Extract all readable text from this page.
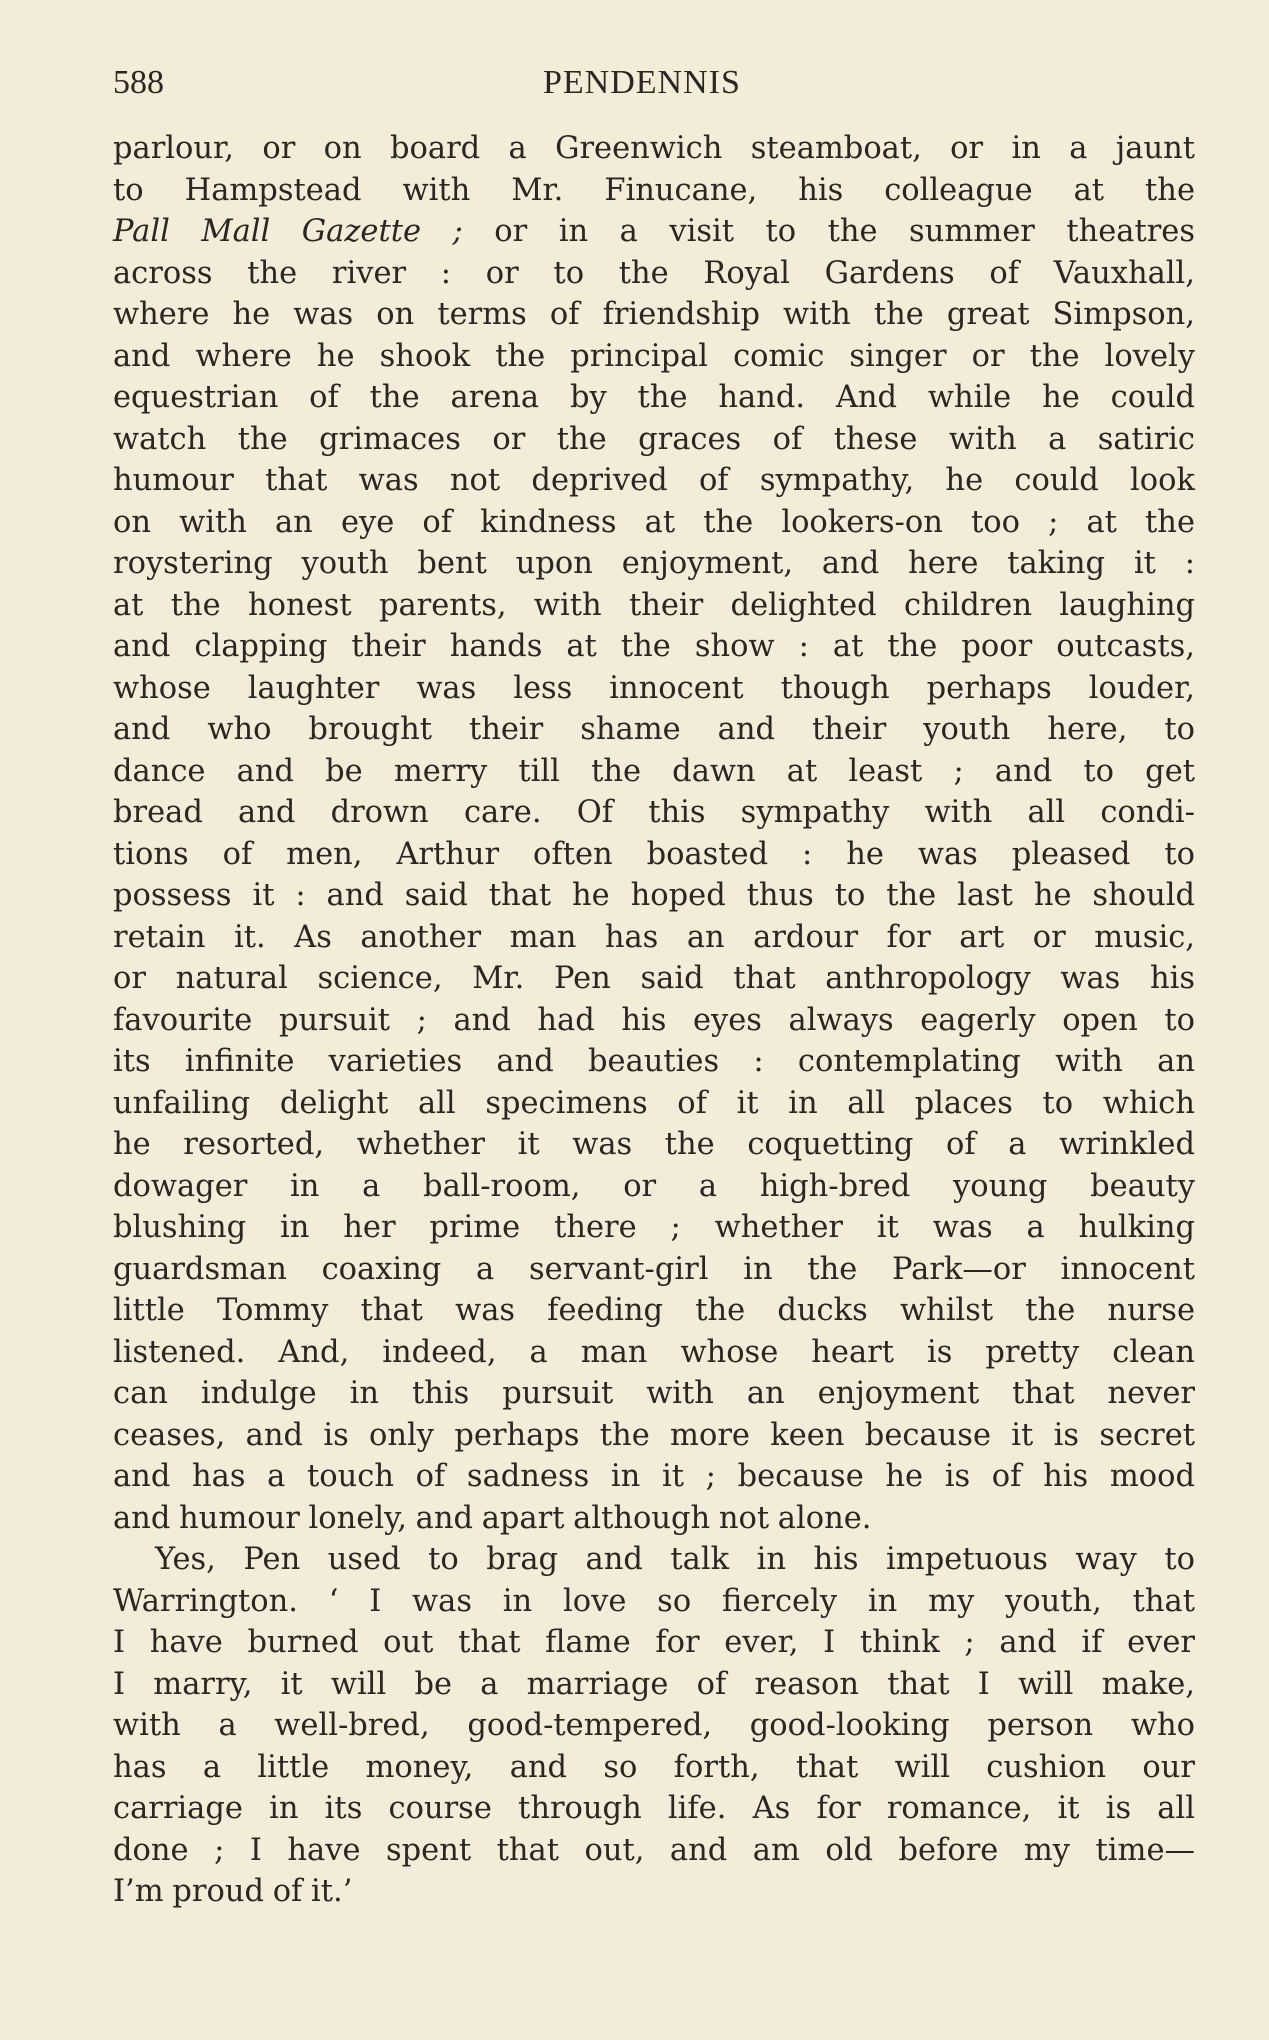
588	PENDENNIS
parlour, or on board a Greenwich steamboat, or in a jaunt
to Hampstead with Mr. Finucane, his colleague at the
Pall Mall Gazette ; or in a visit to the summer theatres
across the river : or to the Royal Gardens of Vauxhall,
where he was on terms of friendship with the great Simpson,
and where he shook the principal comic singer or the lovely
equestrian of the arena by the hand. And while he could
watch the grimaces or the graces of these with a satiric
humour that was not deprived of sympathy, he could look
on with an eye of kindness at the lookers-on too ; at the
roystering youth bent upon enjoyment, and here taking it :
at the honest parents, with their delighted children laughing
and clapping their hands at the show : at the poor outcasts,
whose laughter was less innocent though perhaps louder,
and who brought their shame and their youth here, to
dance and be merry till the dawn at least ; and to get
bread and drown care. Of this sympathy with all condi-
tions of men, Arthur often boasted : he was pleased to
possess it : and said that he hoped thus to the last he should
retain it. As another man has an ardour for art or music,
or natural science, Mr. Pen said that anthropology was his
favourite pursuit ; and had his eyes always eagerly open to
its infinite varieties and beauties : contemplating with an
unfailing delight all specimens of it in all places to which
he resorted, whether it was the coquetting of a wrinkled
dowager in a ball-room, or a high-bred young beauty
blushing in her prime there ; whether it was a hulking
guardsman coaxing a servant-girl in the Park—or innocent
little Tommy that was feeding the ducks whilst the nurse
listened. And, indeed, a man whose heart is pretty clean
can indulge in this pursuit with an enjoyment that never
ceases, and is only perhaps the more keen because it is secret
and has a touch of sadness in it ; because he is of his mood
and humour lonely, and apart although not alone.
Yes, Pen used to brag and talk in his impetuous way to
Warrington. ‘ I was in love so fiercely in my youth, that
I have burned out that flame for ever, I think ; and if ever
I marry, it will be a marriage of reason that I will make,
with a well-bred, good-tempered, good-looking person who
has a little money, and so forth, that will cushion our
carriage in its course through life. As for romance, it is all
done ; I have spent that out, and am old before my time—
I’m proud of it.’
